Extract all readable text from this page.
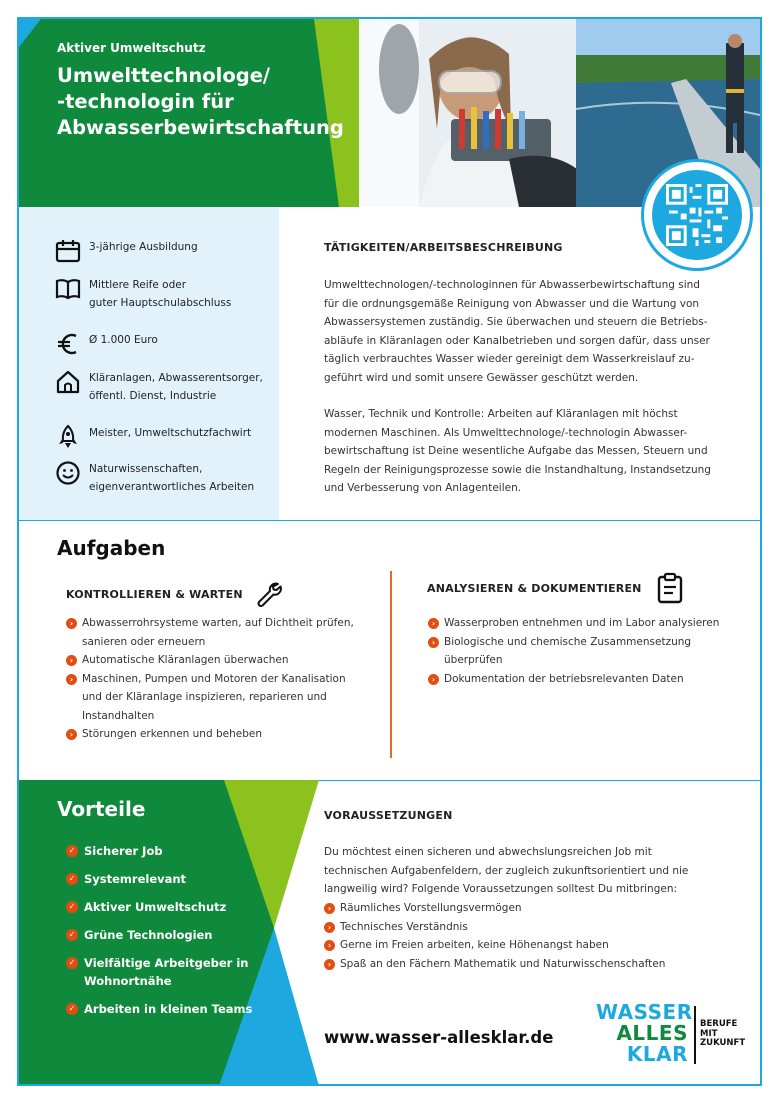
Aktiver Umweltschutz
Umwelttechnologe/
-technologin für
Abwasserbewirtschaftung
3-jährige Ausbildung
Mittlere Reife oder
guter Hauptschulabschluss
Ø 1.000 Euro
Kläranlagen, Abwasserentsorger,
öffentl. Dienst, Industrie
Meister, Umweltschutzfachwirt
Naturwissenschaften,
eigenverantwortliches Arbeiten
TÄTIGKEITEN/ARBEITSBESCHREIBUNG

Umwelttechnologen/-technologinnen für Abwasserbewirtschaftung sind
für die ordnungsgemäße Reinigung von Abwasser und die Wartung von
Abwassersystemen zuständig. Sie überwachen und steuern die Betriebs-
abläufe in Kläranlagen oder Kanalbetrieben und sorgen dafür, dass unser
täglich verbrauchtes Wasser wieder gereinigt dem Wasserkreislauf zu-
geführt wird und somit unsere Gewässer geschützt werden.

Wasser, Technik und Kontrolle: Arbeiten auf Kläranlagen mit höchst
modernen Maschinen. Als Umwelttechnologe/-technologin Abwasser-
bewirtschaftung ist Deine wesentliche Aufgabe das Messen, Steuern und
Regeln der Reinigungsprozesse sowie die Instandhaltung, Instandsetzung
und Verbesserung von Anlagenteilen.

Aufgaben
KONTROLLIEREN & WARTEN
› Abwasserrohrsysteme warten, auf Dichtheit prüfen,
sanieren oder erneuern
› Automatische Kläranlagen überwachen
› Maschinen, Pumpen und Motoren der Kanalisation
und der Kläranlage inspizieren, reparieren und
Instandhalten
› Störungen erkennen und beheben
ANALYSIEREN & DOKUMENTIEREN
› Wasserproben entnehmen und im Labor analysieren
› Biologische und chemische Zusammensetzung
überprüfen
› Dokumentation der betriebsrelevanten Daten
Vorteile
✓ Sicherer Job
✓ Systemrelevant
✓ Aktiver Umweltschutz
✓ Grüne Technologien
✓ Vielfältige Arbeitgeber in
Wohnortnähe
✓ Arbeiten in kleinen Teams
VORAUSSETZUNGEN
Du möchtest einen sicheren und abwechslungsreichen Job mit
technischen Aufgabenfeldern, der zugleich zukunftsorientiert und nie
langweilig wird? Folgende Voraussetzungen solltest Du mitbringen:
› Räumliches Vorstellungsvermögen
› Technisches Verständnis
› Gerne im Freien arbeiten, keine Höhenangst haben
› Spaß an den Fächern Mathematik und Naturwisschenschaften
www.wasser-allesklar.de
WASSER
ALLES
KLAR
BERUFE
MIT
ZUKUNFT
